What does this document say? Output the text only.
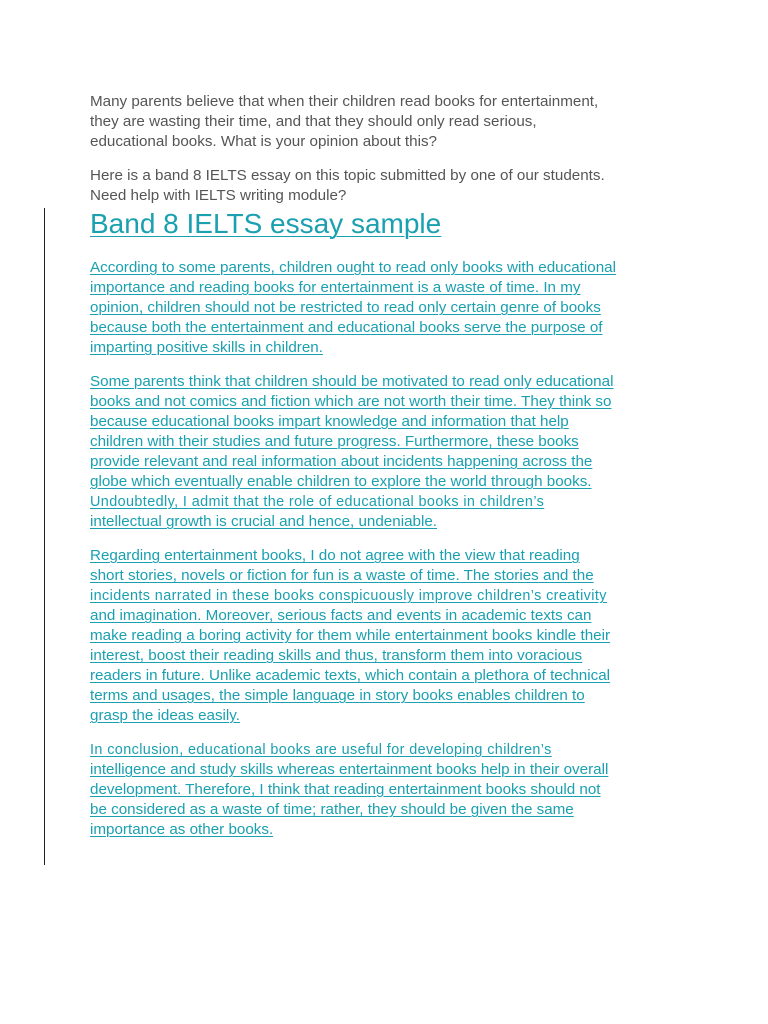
Many parents believe that when their children read books for entertainment,
they are wasting their time, and that they should only read serious,
educational books. What is your opinion about this?

Here is a band 8 IELTS essay on this topic submitted by one of our students.
Need help with IELTS writing module?

Band 8 IELTS essay sample

According to some parents, children ought to read only books with educational
importance and reading books for entertainment is a waste of time. In my
opinion, children should not be restricted to read only certain genre of books
because both the entertainment and educational books serve the purpose of
imparting positive skills in children.

Some parents think that children should be motivated to read only educational
books and not comics and fiction which are not worth their time. They think so
because educational books impart knowledge and information that help
children with their studies and future progress. Furthermore, these books
provide relevant and real information about incidents happening across the
globe which eventually enable children to explore the world through books.
Undoubtedly, I admit that the role of educational books in children’s
intellectual growth is crucial and hence, undeniable.

Regarding entertainment books, I do not agree with the view that reading
short stories, novels or fiction for fun is a waste of time. The stories and the
incidents narrated in these books conspicuously improve children’s creativity
and imagination. Moreover, serious facts and events in academic texts can
make reading a boring activity for them while entertainment books kindle their
interest, boost their reading skills and thus, transform them into voracious
readers in future. Unlike academic texts, which contain a plethora of technical
terms and usages, the simple language in story books enables children to
grasp the ideas easily.

In conclusion, educational books are useful for developing children’s
intelligence and study skills whereas entertainment books help in their overall
development. Therefore, I think that reading entertainment books should not
be considered as a waste of time; rather, they should be given the same
importance as other books.
